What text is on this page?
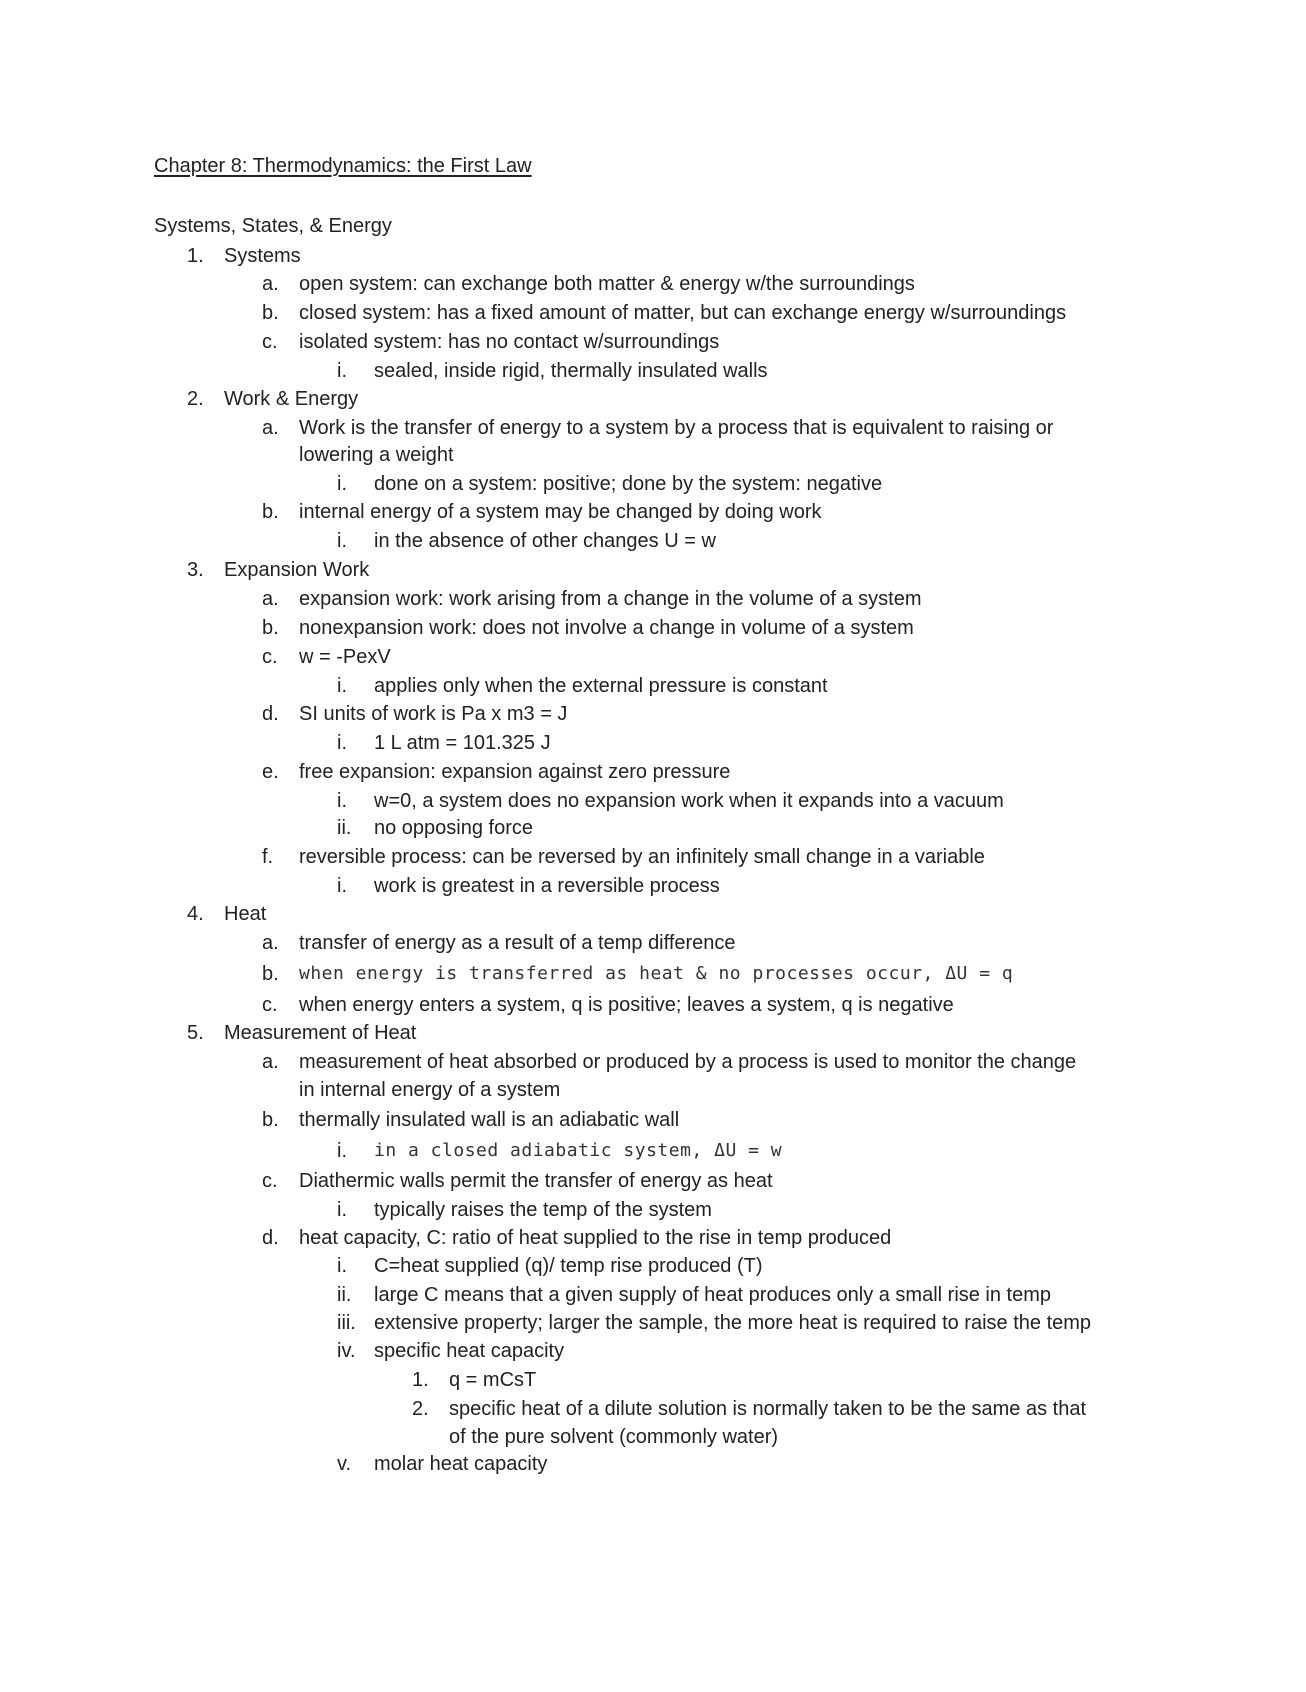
Chapter 8: Thermodynamics: the First Law
Systems, States, & Energy
1. Systems
a. open system: can exchange both matter & energy w/the surroundings
b. closed system: has a fixed amount of matter, but can exchange energy w/surroundings
c. isolated system: has no contact w/surroundings
i. sealed, inside rigid, thermally insulated walls
2. Work & Energy
a. Work is the transfer of energy to a system by a process that is equivalent to raising or
lowering a weight
i. done on a system: positive; done by the system: negative
b. internal energy of a system may be changed by doing work
i. in the absence of other changes U = w
3. Expansion Work
a. expansion work: work arising from a change in the volume of a system
b. nonexpansion work: does not involve a change in volume of a system
c. w = -PexV
i. applies only when the external pressure is constant
d. SI units of work is Pa x m3 = J
i. 1 L atm = 101.325 J
e. free expansion: expansion against zero pressure
i. w=0, a system does no expansion work when it expands into a vacuum
ii. no opposing force
f. reversible process: can be reversed by an infinitely small change in a variable
i. work is greatest in a reversible process
4. Heat
a. transfer of energy as a result of a temp difference
b. when energy is transferred as heat & no processes occur, ΔU = q
c. when energy enters a system, q is positive; leaves a system, q is negative
5. Measurement of Heat
a. measurement of heat absorbed or produced by a process is used to monitor the change
in internal energy of a system
b. thermally insulated wall is an adiabatic wall
i. in a closed adiabatic system, ΔU = w
c. Diathermic walls permit the transfer of energy as heat
i. typically raises the temp of the system
d. heat capacity, C: ratio of heat supplied to the rise in temp produced
i. C=heat supplied (q)/ temp rise produced (T)
ii. large C means that a given supply of heat produces only a small rise in temp
iii. extensive property; larger the sample, the more heat is required to raise the temp
iv. specific heat capacity
1. q = mCsT
2. specific heat of a dilute solution is normally taken to be the same as that
of the pure solvent (commonly water)
v. molar heat capacity
